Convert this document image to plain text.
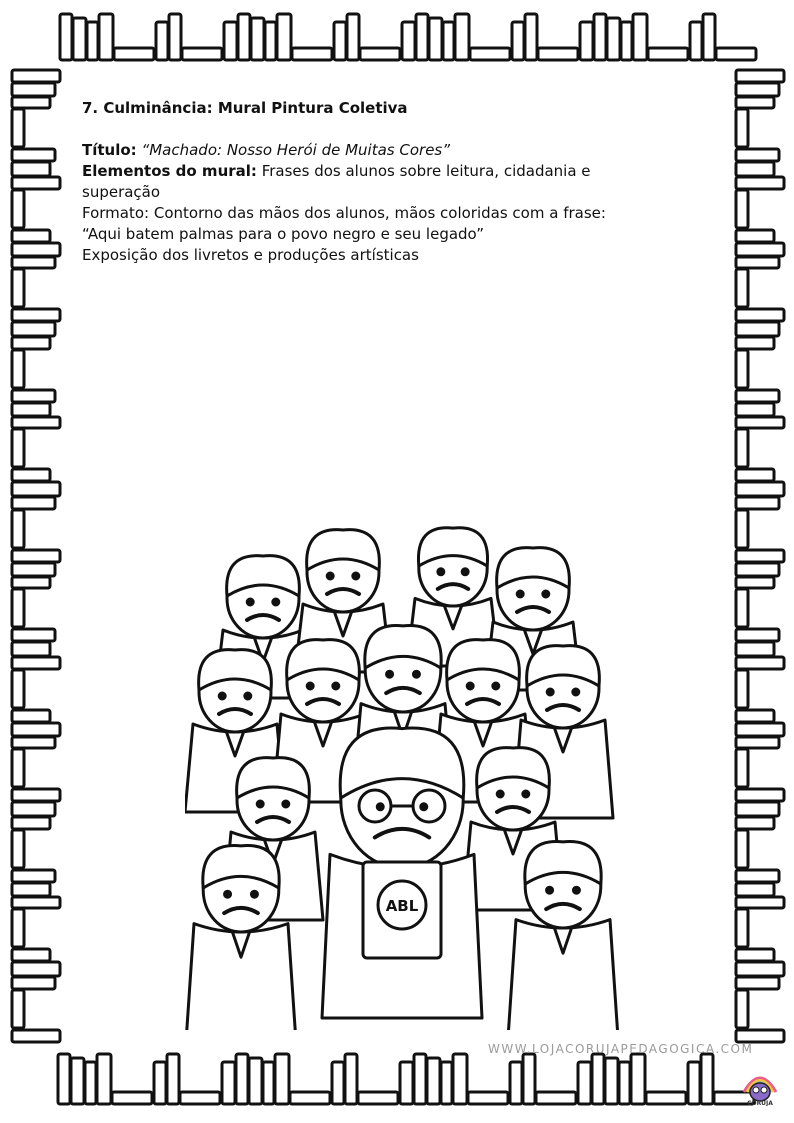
7. Culminância: Mural Pintura Coletiva

Título: “Machado: Nosso Herói de Muitas Cores”

Elementos do mural: Frases dos alunos sobre leitura, cidadania e

superação

Formato: Contorno das mãos dos alunos, mãos coloridas com a frase:

“Aqui batem palmas para o povo negro e seu legado”

Exposição dos livretos e produções artísticas

ABL
WWW.LOJACORUJAPEDAGOGICA.COM
CORUJA
